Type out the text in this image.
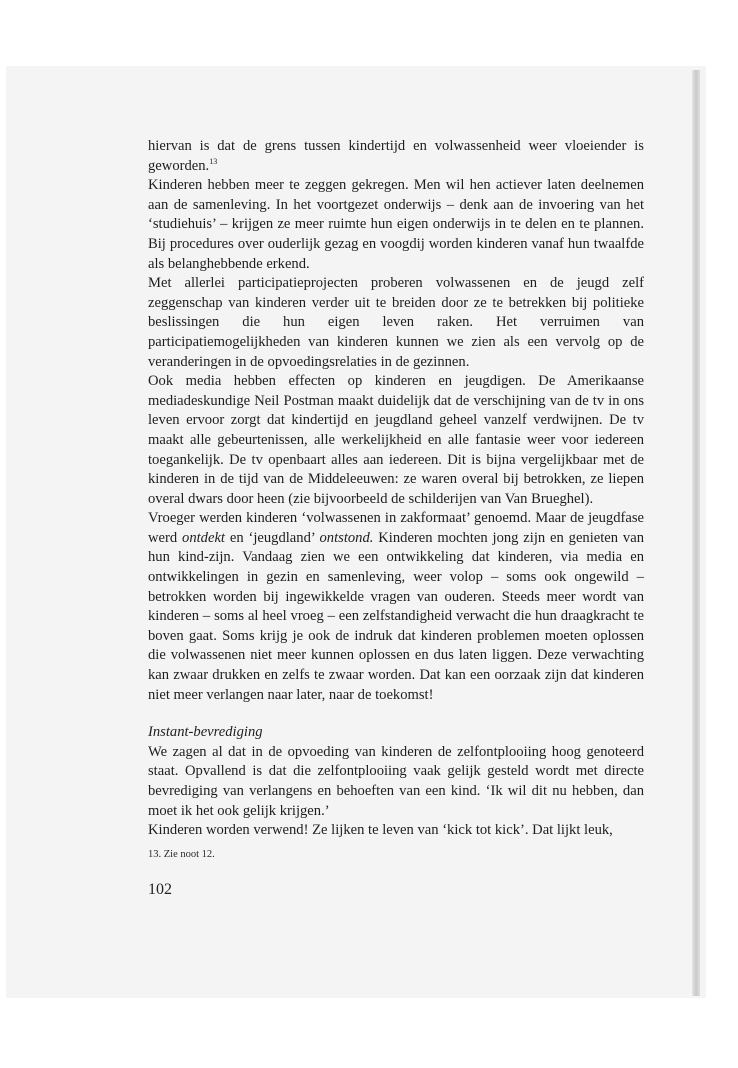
hiervan is dat de grens tussen kindertijd en volwassenheid weer vloeiender is geworden.$^{13}$

Kinderen hebben meer te zeggen gekregen. Men wil hen actiever laten deelnemen aan de samenleving. In het voortgezet onderwijs – denk aan de invoering van het ‘studiehuis’ – krijgen ze meer ruimte hun eigen onderwijs in te delen en te plannen. Bij procedures over ouderlijk gezag en voogdij worden kinderen vanaf hun twaalfde als belanghebbende erkend.

Met allerlei participatieprojecten proberen volwassenen en de jeugd zelf zeggenschap van kinderen verder uit te breiden door ze te betrekken bij politieke beslissingen die hun eigen leven raken. Het verruimen van participatiemogelijkheden van kinderen kunnen we zien als een vervolg op de veranderingen in de opvoedingsrelaties in de gezinnen.

Ook media hebben effecten op kinderen en jeugdigen. De Amerikaanse mediadeskundige Neil Postman maakt duidelijk dat de verschijning van de tv in ons leven ervoor zorgt dat kindertijd en jeugdland geheel vanzelf verdwijnen. De tv maakt alle gebeurtenissen, alle werkelijkheid en alle fantasie weer voor iedereen toegankelijk. De tv openbaart alles aan iedereen. Dit is bijna vergelijkbaar met de kinderen in de tijd van de Middeleeuwen: ze waren overal bij betrokken, ze liepen overal dwars door heen (zie bijvoorbeeld de schilderijen van Van Brueghel).

Vroeger werden kinderen ‘volwassenen in zakformaat’ genoemd. Maar de jeugdfase werd ontdekt en ‘jeugdland’ ontstond. Kinderen mochten jong zijn en genieten van hun kind-zijn. Vandaag zien we een ontwikkeling dat kinderen, via media en ontwikkelingen in gezin en samenleving, weer volop – soms ook ongewild – betrokken worden bij ingewikkelde vragen van ouderen. Steeds meer wordt van kinderen – soms al heel vroeg – een zelfstandigheid verwacht die hun draagkracht te boven gaat. Soms krijg je ook de indruk dat kinderen problemen moeten oplossen die volwassenen niet meer kunnen oplossen en dus laten liggen. Deze verwachting kan zwaar drukken en zelfs te zwaar worden. Dat kan een oorzaak zijn dat kinderen niet meer verlangen naar later, naar de toekomst!

Instant-bevrediging

We zagen al dat in de opvoeding van kinderen de zelfontplooiing hoog genoteerd staat. Opvallend is dat die zelfontplooiing vaak gelijk gesteld wordt met directe bevrediging van verlangens en behoeften van een kind. ‘Ik wil dit nu hebben, dan moet ik het ook gelijk krijgen.’

Kinderen worden verwend! Ze lijken te leven van ‘kick tot kick’. Dat lijkt leuk,

13. Zie noot 12.
102
